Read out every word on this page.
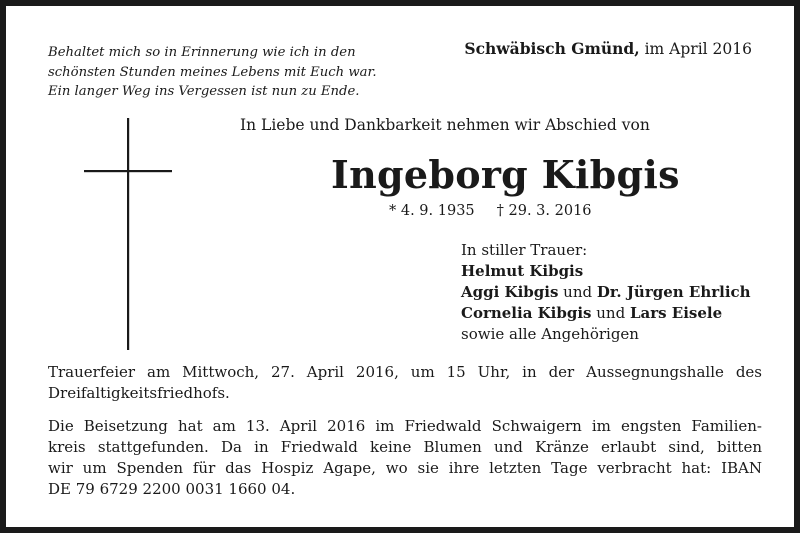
Behaltet mich so in Erinnerung wie ich in den
schönsten Stunden meines Lebens mit Euch war.
Ein langer Weg ins Vergessen ist nun zu Ende.

Schwäbisch Gmünd, im April 2016

In Liebe und Dankbarkeit nehmen wir Abschied von

Ingeborg Kibgis

* 4. 9. 1935 † 29. 3. 2016

In stiller Trauer:
Helmut Kibgis
Aggi Kibgis und Dr. Jürgen Ehrlich
Cornelia Kibgis und Lars Eisele
sowie alle Angehörigen

Trauerfeier am Mittwoch, 27. April 2016, um 15 Uhr, in der Aussegnungshalle des
Dreifaltigkeitsfriedhofs.

Die Beisetzung hat am 13. April 2016 im Friedwald Schwaigern im engsten Familien-
kreis stattgefunden. Da in Friedwald keine Blumen und Kränze erlaubt sind, bitten
wir um Spenden für das Hospiz Agape, wo sie ihre letzten Tage verbracht hat: IBAN
DE 79 6729 2200 0031 1660 04.
